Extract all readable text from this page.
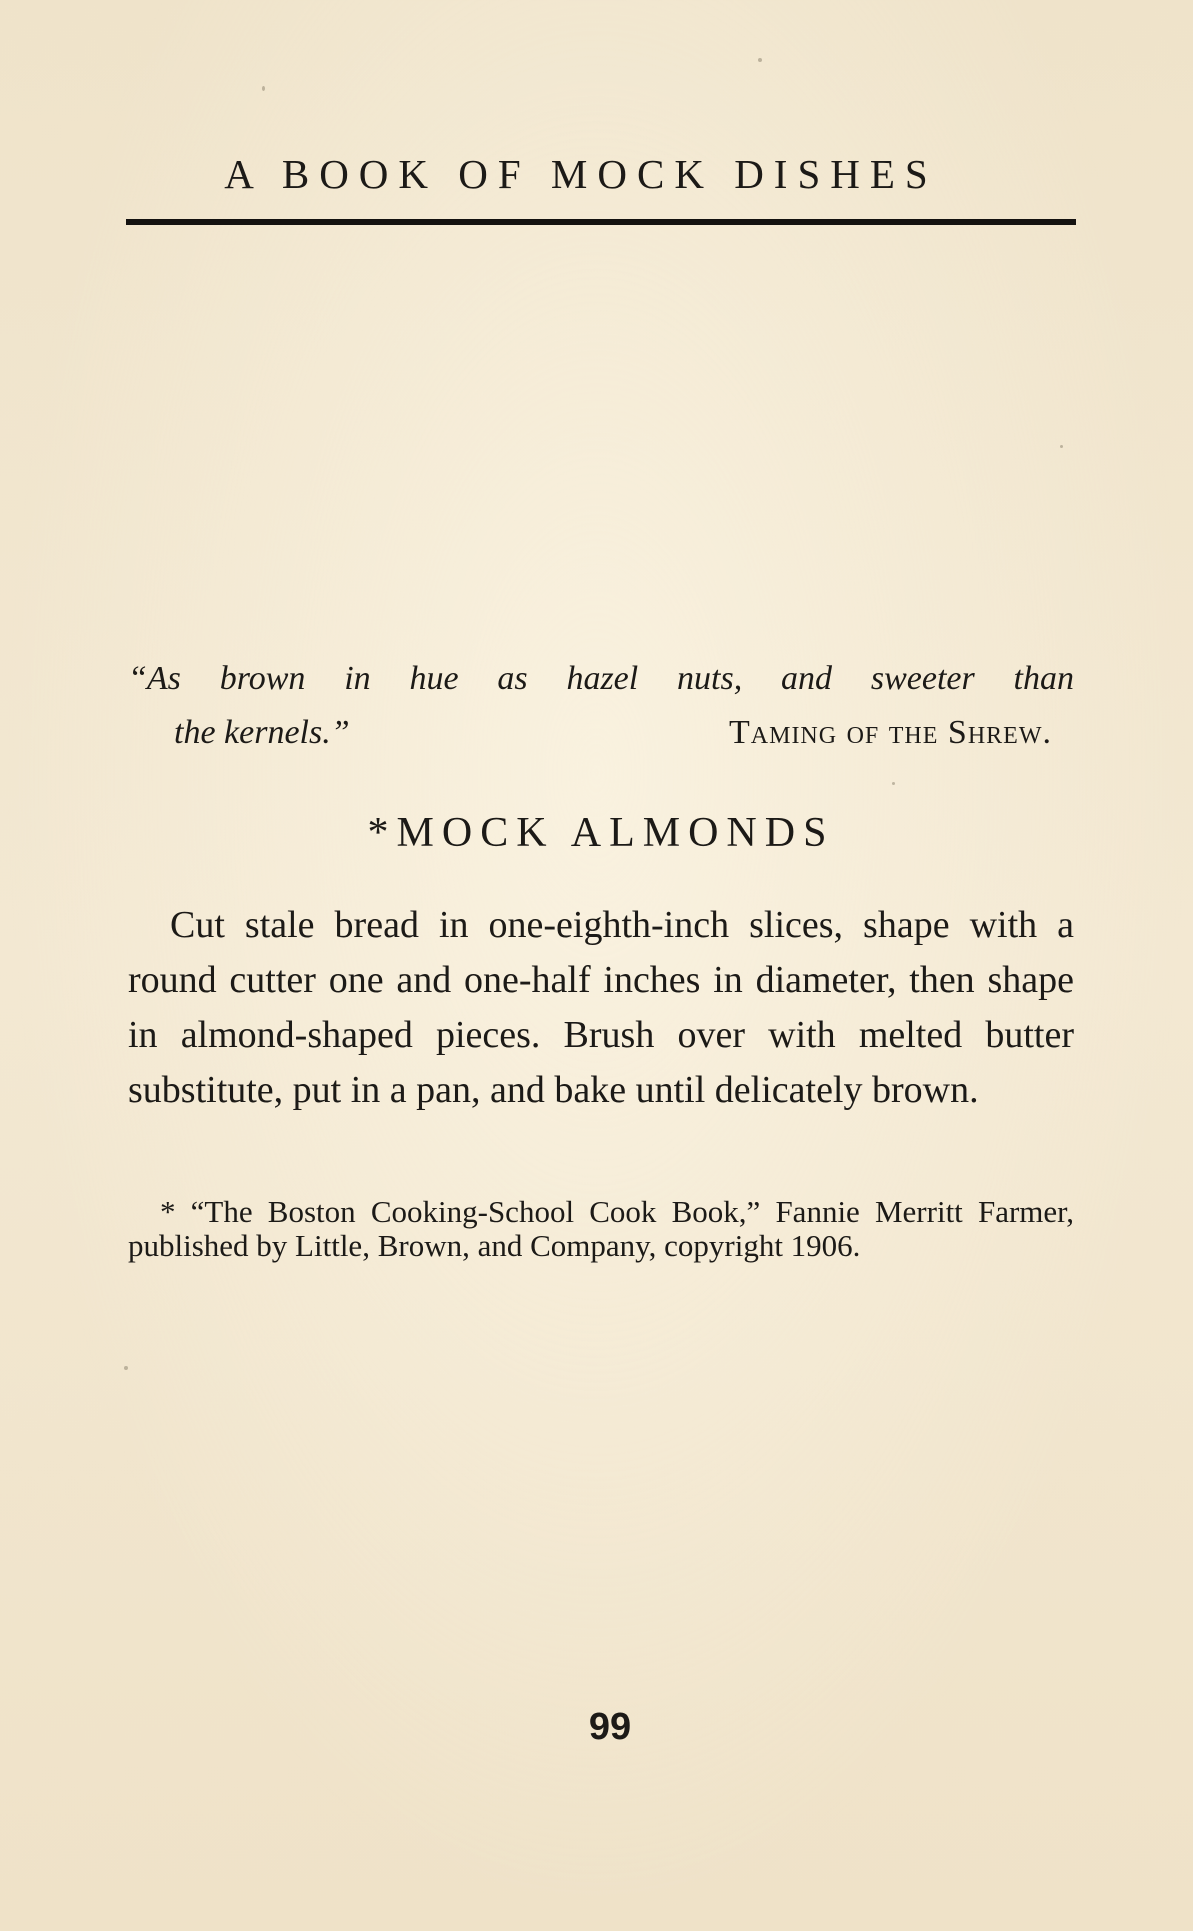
A BOOK OF MOCK DISHES
“As brown in hue as hazel nuts, and sweeter than
the kernels.”	Taming of the Shrew.
*MOCK ALMONDS

Cut stale bread in one-eighth-inch slices, shape with a round cutter one and one-half inches in diameter, then shape in almond-shaped pieces. Brush over with melted butter substitute, put in a pan, and bake until delicately brown.

* “The Boston Cooking-School Cook Book,” Fannie Merritt Farmer, published by Little, Brown, and Company, copyright 1906.

99
